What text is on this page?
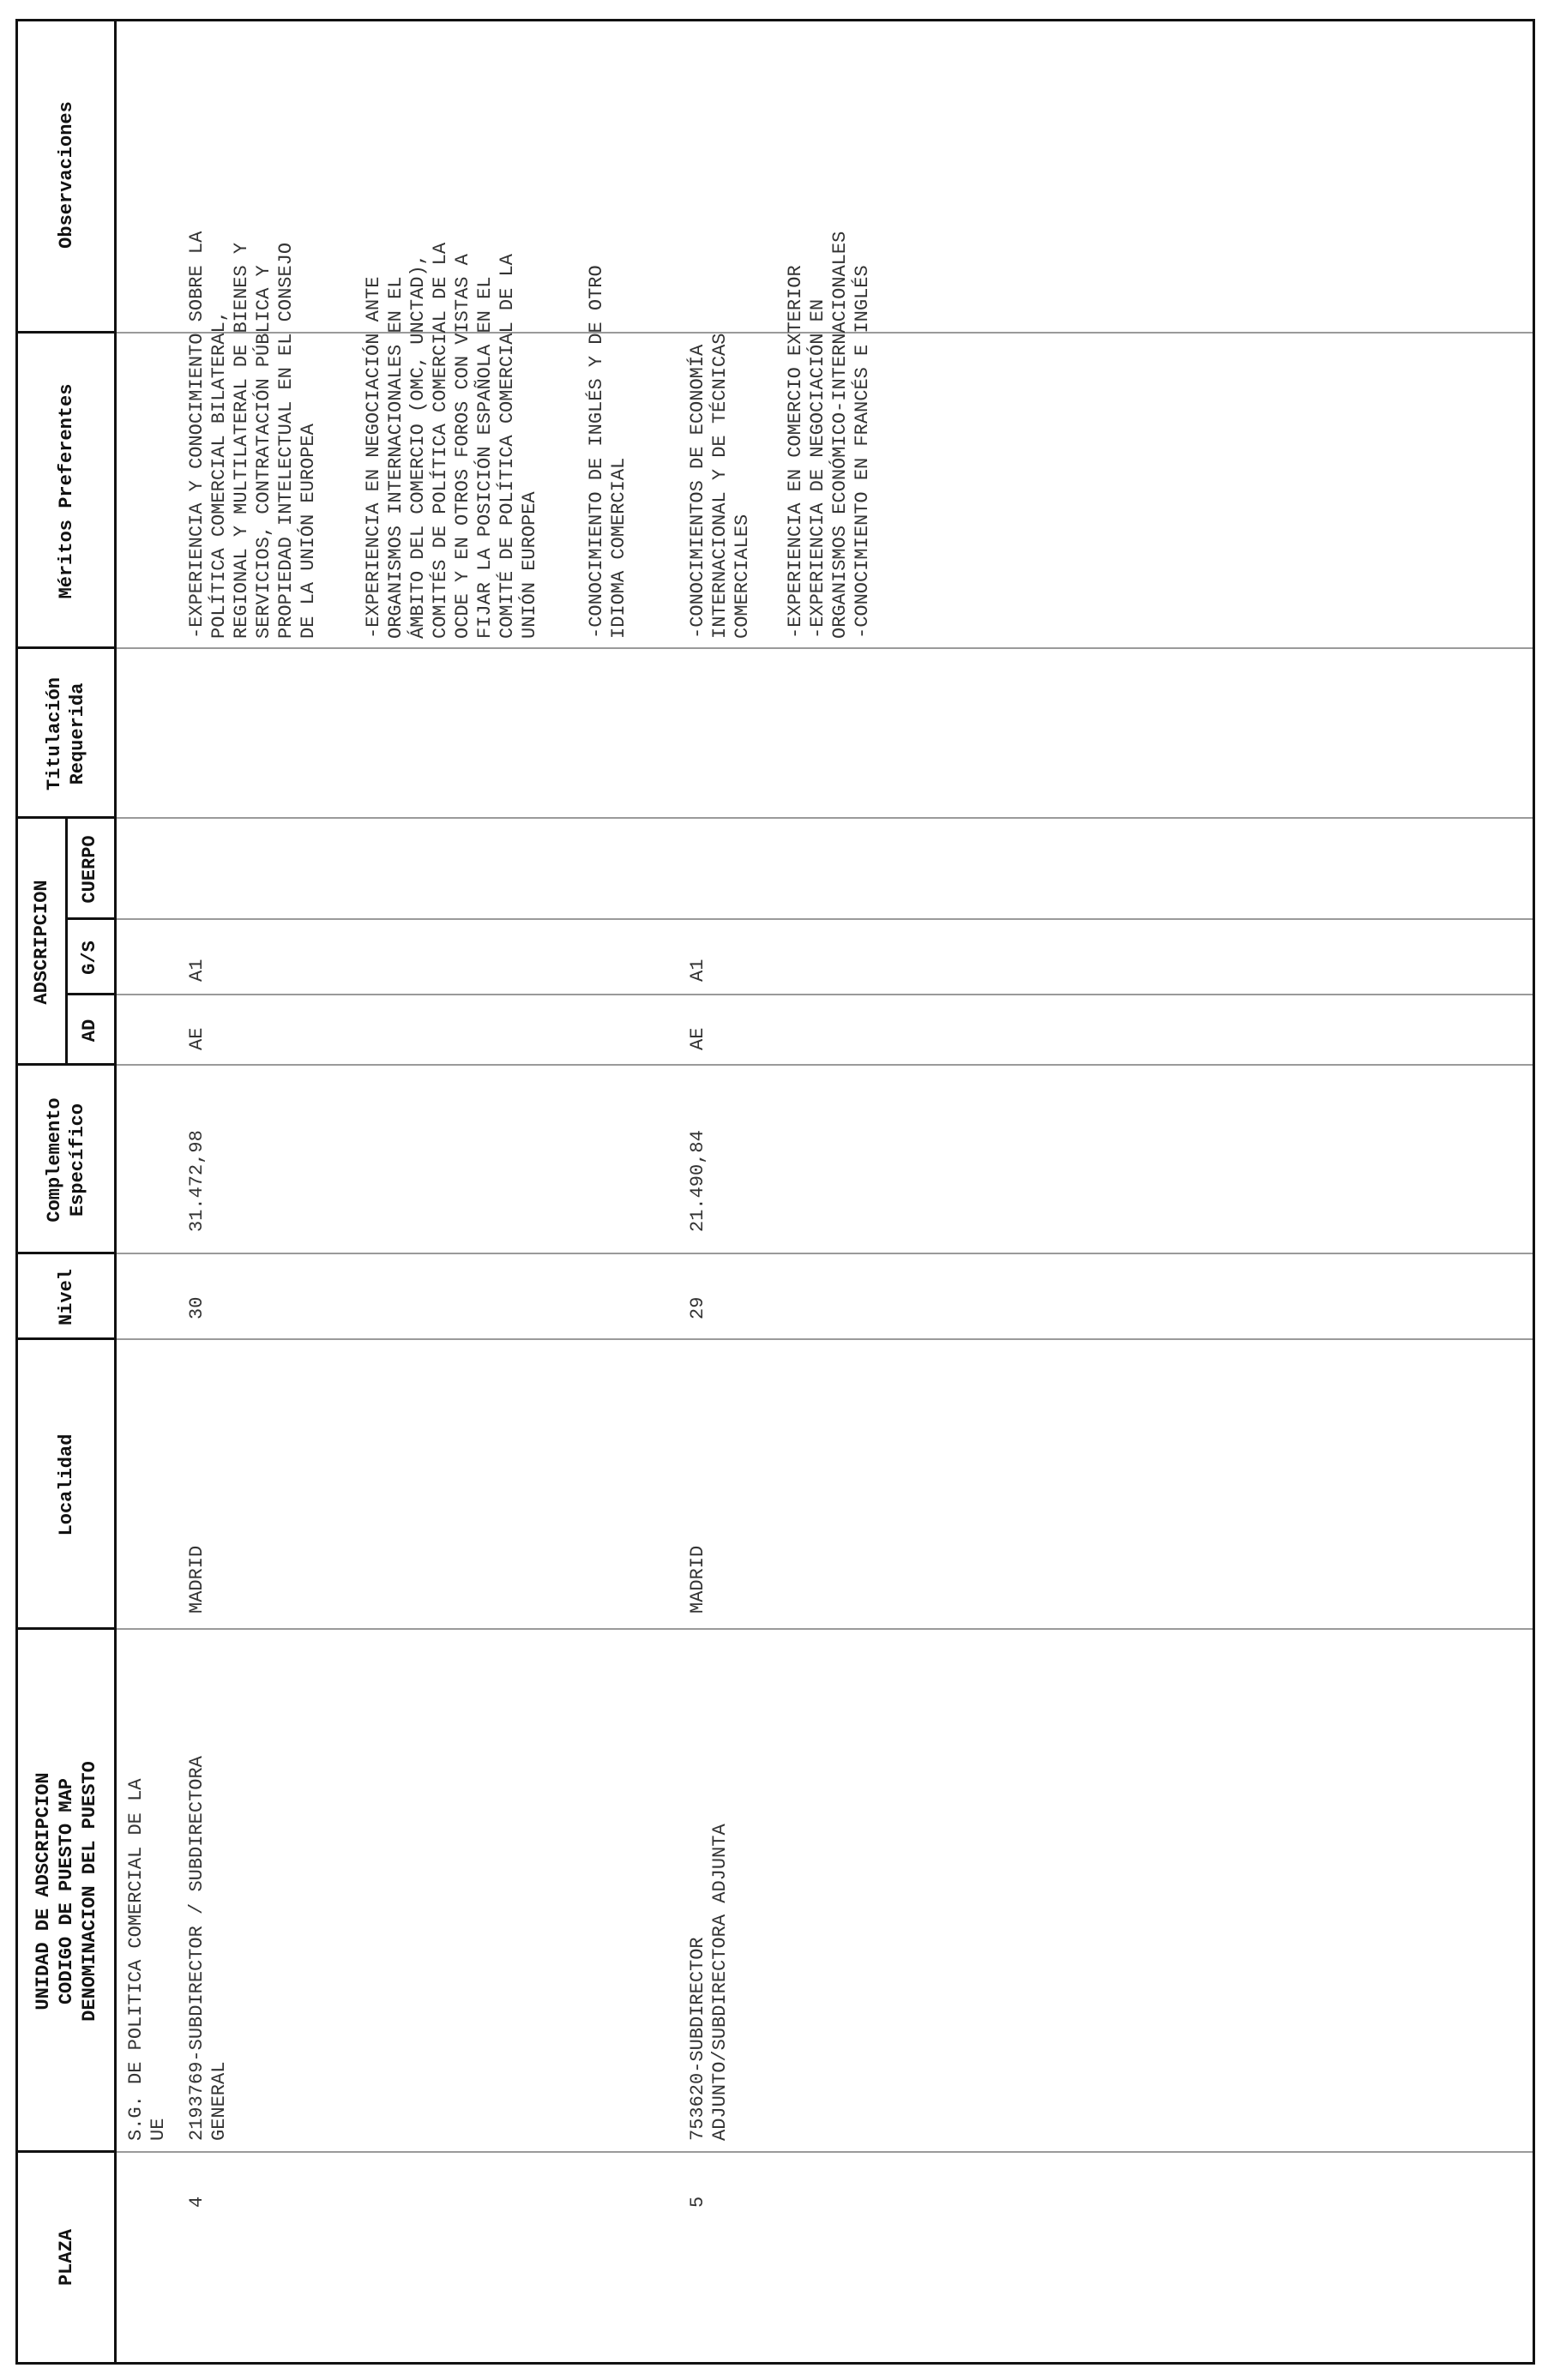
PLAZA
UNIDAD DE ADSCRIPCION
CODIGO DE PUESTO MAP
DENOMINACION DEL PUESTO
Localidad
Nivel
Complemento
Específico
ADSCRIPCION
AD
G/S
CUERPO
Titulación
Requerida
Méritos Preferentes
Observaciones
S.G. DE POLITICA COMERCIAL DE LA
UE
4
2193769-SUBDIRECTOR / SUBDIRECTORA
GENERAL
MADRID
30
31.472,98
AE
A1
-EXPERIENCIA Y CONOCIMIENTO SOBRE LA
POLÍTICA COMERCIAL BILATERAL,
REGIONAL Y MULTILATERAL DE BIENES Y
SERVICIOS, CONTRATACIÓN PÚBLICA Y
PROPIEDAD INTELECTUAL EN EL CONSEJO
DE LA UNIÓN EUROPEA
-EXPERIENCIA EN NEGOCIACIÓN ANTE
ORGANISMOS INTERNACIONALES EN EL
ÁMBITO DEL COMERCIO (OMC, UNCTAD),
COMITÉS DE POLÍTICA COMERCIAL DE LA
OCDE Y EN OTROS FOROS CON VISTAS A
FIJAR LA POSICIÓN ESPAÑOLA EN EL
COMITÉ DE POLÍTICA COMERCIAL DE LA
UNIÓN EUROPEA -CONOCIMIENTO DE INGLÉS Y DE OTRO
IDIOMA COMERCIAL
5
753620-SUBDIRECTOR
ADJUNTO/SUBDIRECTORA ADJUNTA
MADRID
29
21.490,84
AE
A1
-CONOCIMIENTOS DE ECONOMÍA
INTERNACIONAL Y DE TÉCNICAS
COMERCIALES -EXPERIENCIA EN COMERCIO EXTERIOR
-EXPERIENCIA DE NEGOCIACIÓN EN
ORGANISMOS ECONÓMICO-INTERNACIONALES
-CONOCIMIENTO EN FRANCÉS E INGLÉS
